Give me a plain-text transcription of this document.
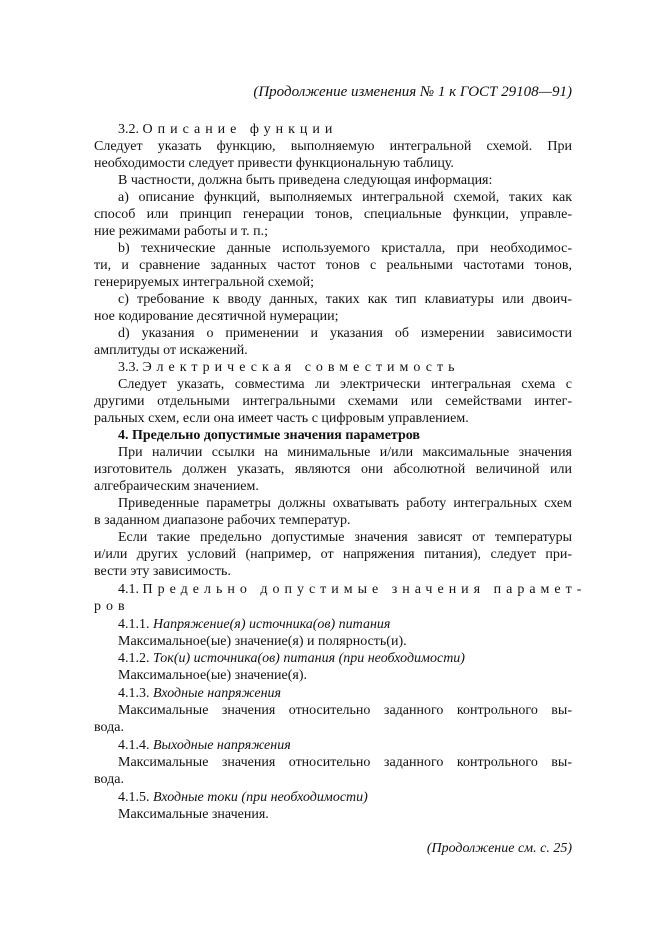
(Продолжение изменения № 1 к ГОСТ 29108—91)
3.2. Описание функции
Следует указать функцию, выполняемую интегральной схемой. При
необходимости следует привести функциональную таблицу.
В частности, должна быть приведена следующая информация:
а) описание функций, выполняемых интегральной схемой, таких как
способ или принцип генерации тонов, специальные функции, управле-
ние режимами работы и т. п.;
b) технические данные используемого кристалла, при необходимос-
ти, и сравнение заданных частот тонов с реальными частотами тонов,
генерируемых интегральной схемой;
с) требование к вводу данных, таких как тип клавиатуры или двоич-
ное кодирование десятичной нумерации;
d) указания о применении и указания об измерении зависимости
амплитуды от искажений.
3.3. Электрическая совместимость
Следует указать, совместима ли электрически интегральная схема с
другими отдельными интегральными схемами или семействами интег-
ральных схем, если она имеет часть с цифровым управлением.
4. Предельно допустимые значения параметров
При наличии ссылки на минимальные и/или максимальные значения
изготовитель должен указать, являются они абсолютной величиной или
алгебраическим значением.
Приведенные параметры должны охватывать работу интегральных схем
в заданном диапазоне рабочих температур.
Если такие предельно допустимые значения зависят от температуры
и/или других условий (например, от напряжения питания), следует при-
вести эту зависимость.
4.1. Предельно допустимые значения парамет-
ров
4.1.1. Напряжение(я) источника(ов) питания
Максимальное(ые) значение(я) и полярность(и).
4.1.2. Ток(и) источника(ов) питания (при необходимости)
Максимальное(ые) значение(я).
4.1.3. Входные напряжения
Максимальные значения относительно заданного контрольного вы-
вода.
4.1.4. Выходные напряжения
Максимальные значения относительно заданного контрольного вы-
вода.
4.1.5. Входные токи (при необходимости)
Максимальные значения.
(Продолжение см. с. 25)
